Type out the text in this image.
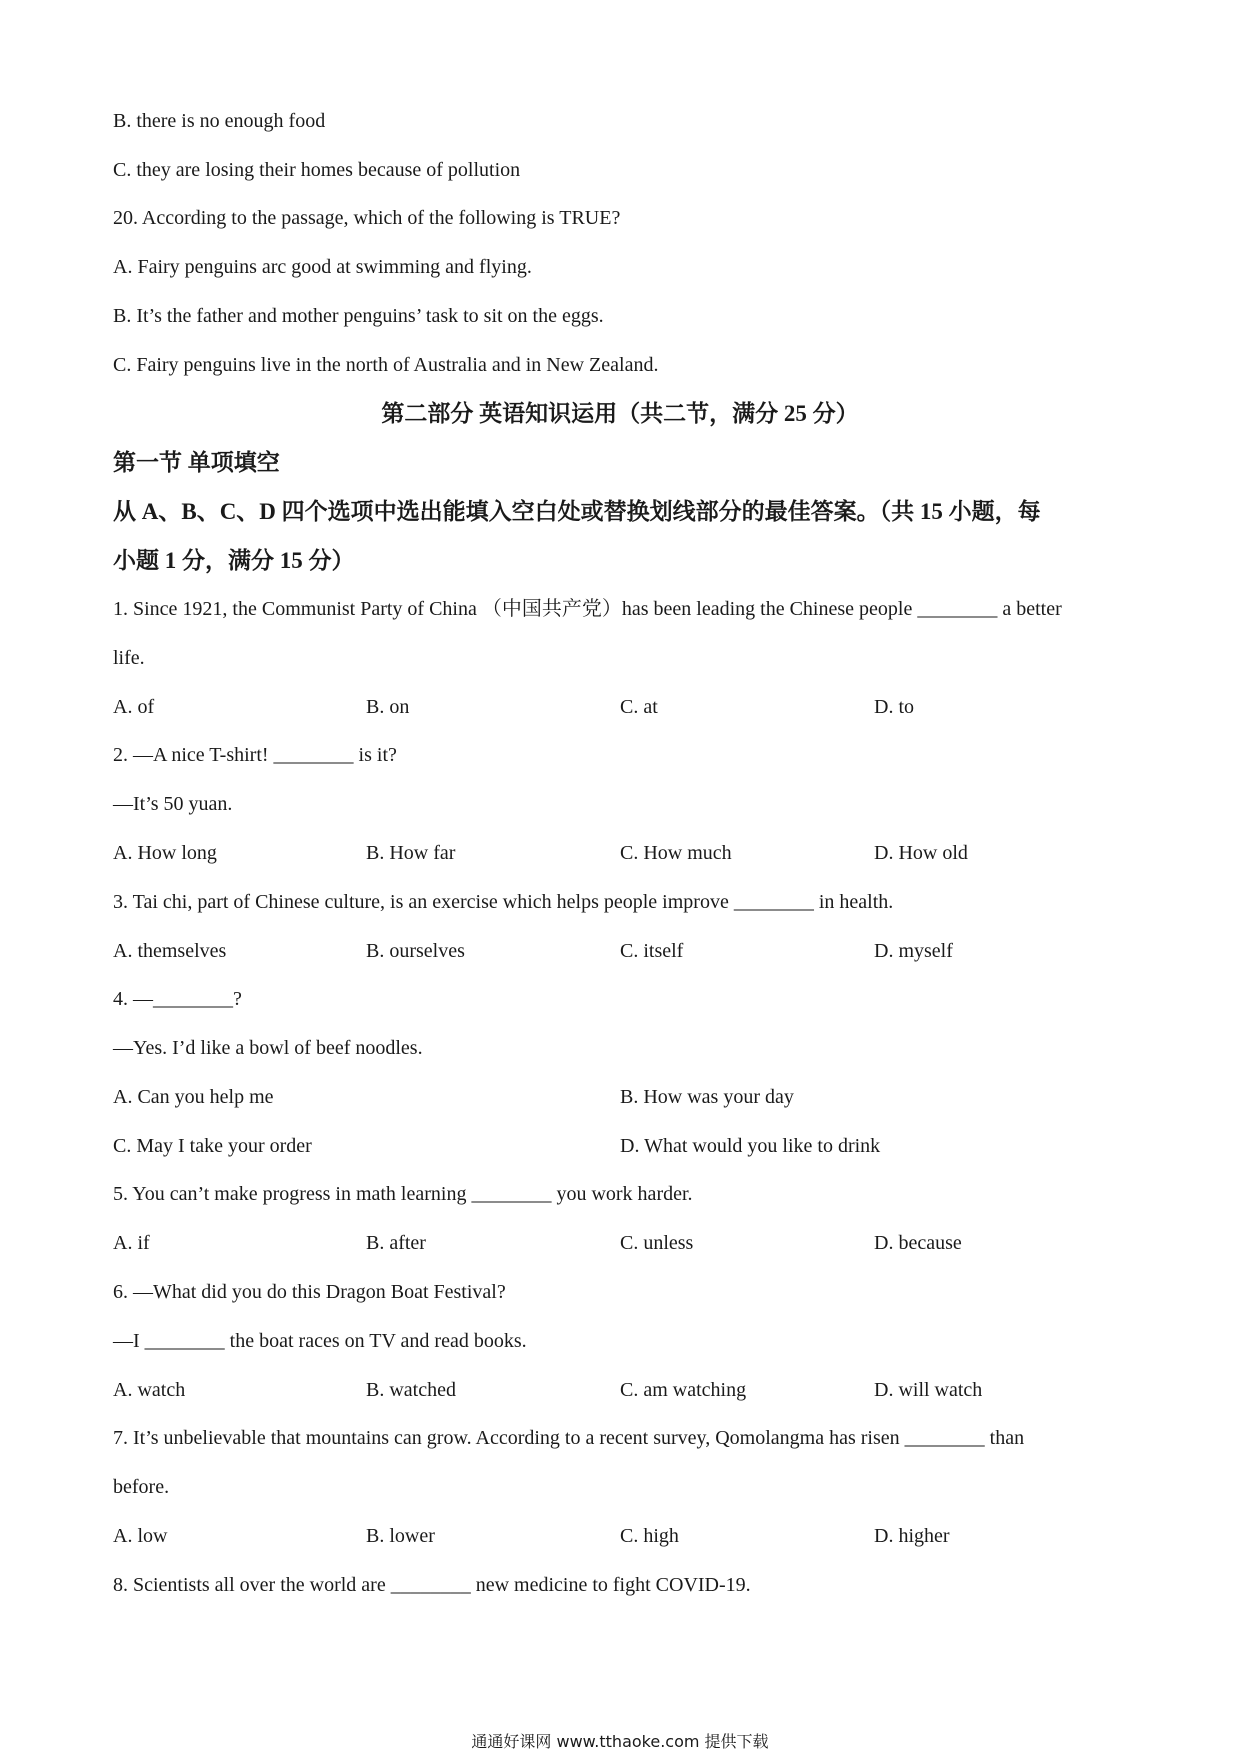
B. there is no enough food
C. they are losing their homes because of pollution
20. According to the passage, which of the following is TRUE?
A. Fairy penguins arc good at swimming and flying.
B. It’s the father and mother penguins’ task to sit on the eggs.
C. Fairy penguins live in the north of Australia and in New Zealand.
第二部分 英语知识运用（共二节，满分 25 分）
第一节 单项填空
从 A、B、C、D 四个选项中选出能填入空白处或替换划线部分的最佳答案。（共 15 小题，每
小题 1 分，满分 15 分）
1. Since 1921, the Communist Party of China （中国共产党）has been leading the Chinese people ________ a better
life.
A. of	B. on	C. at	D. to
2. —A nice T-shirt! ________ is it?
—It’s 50 yuan.
A. How long	B. How far	C. How much	D. How old
3. Tai chi, part of Chinese culture, is an exercise which helps people improve ________ in health.
A. themselves	B. ourselves	C. itself	D. myself
4. —________?
—Yes. I’d like a bowl of beef noodles.
A. Can you help me	B. How was your day
C. May I take your order	D. What would you like to drink
5. You can’t make progress in math learning ________ you work harder.
A. if	B. after	C. unless	D. because
6. —What did you do this Dragon Boat Festival?
—I ________ the boat races on TV and read books.
A. watch	B. watched	C. am watching	D. will watch
7. It’s unbelievable that mountains can grow. According to a recent survey, Qomolangma has risen ________ than
before.
A. low	B. lower	C. high	D. higher
8. Scientists all over the world are ________ new medicine to fight COVID-19.
通通好课网 www.tthaoke.com 提供下载
